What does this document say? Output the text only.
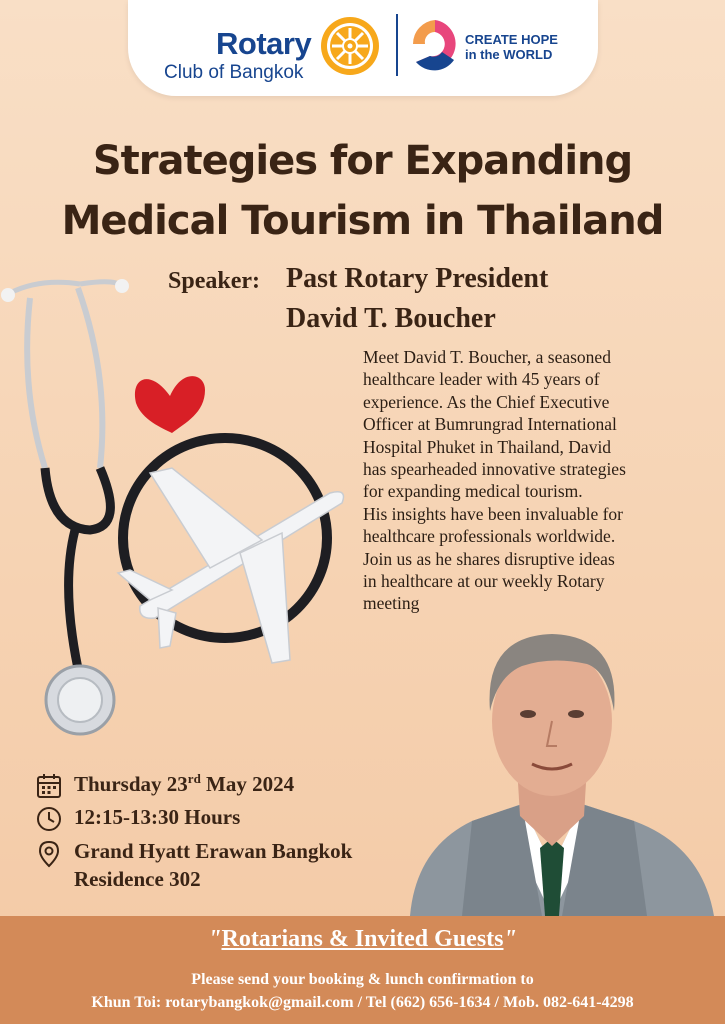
Rotary
Club of Bangkok
CREATE HOPE
in the WORLD
Strategies for Expanding
Medical Tourism in Thailand
Speaker: Past Rotary President
David T. Boucher
Meet David T. Boucher, a seasoned
healthcare leader with 45 years of
experience. As the Chief Executive
Officer at Bumrungrad International
Hospital Phuket in Thailand, David
has spearheaded innovative strategies
for expanding medical tourism.
His insights have been invaluable for
healthcare professionals worldwide.
Join us as he shares disruptive ideas
in healthcare at our weekly Rotary
meeting
Thursday 23rd May 2024
12:15-13:30 Hours
Grand Hyatt Erawan Bangkok
Residence 302
"Rotarians & Invited Guests"
Please send your booking & lunch confirmation to
Khun Toi: rotarybangkok@gmail.com / Tel (662) 656-1634 / Mob. 082-641-4298
